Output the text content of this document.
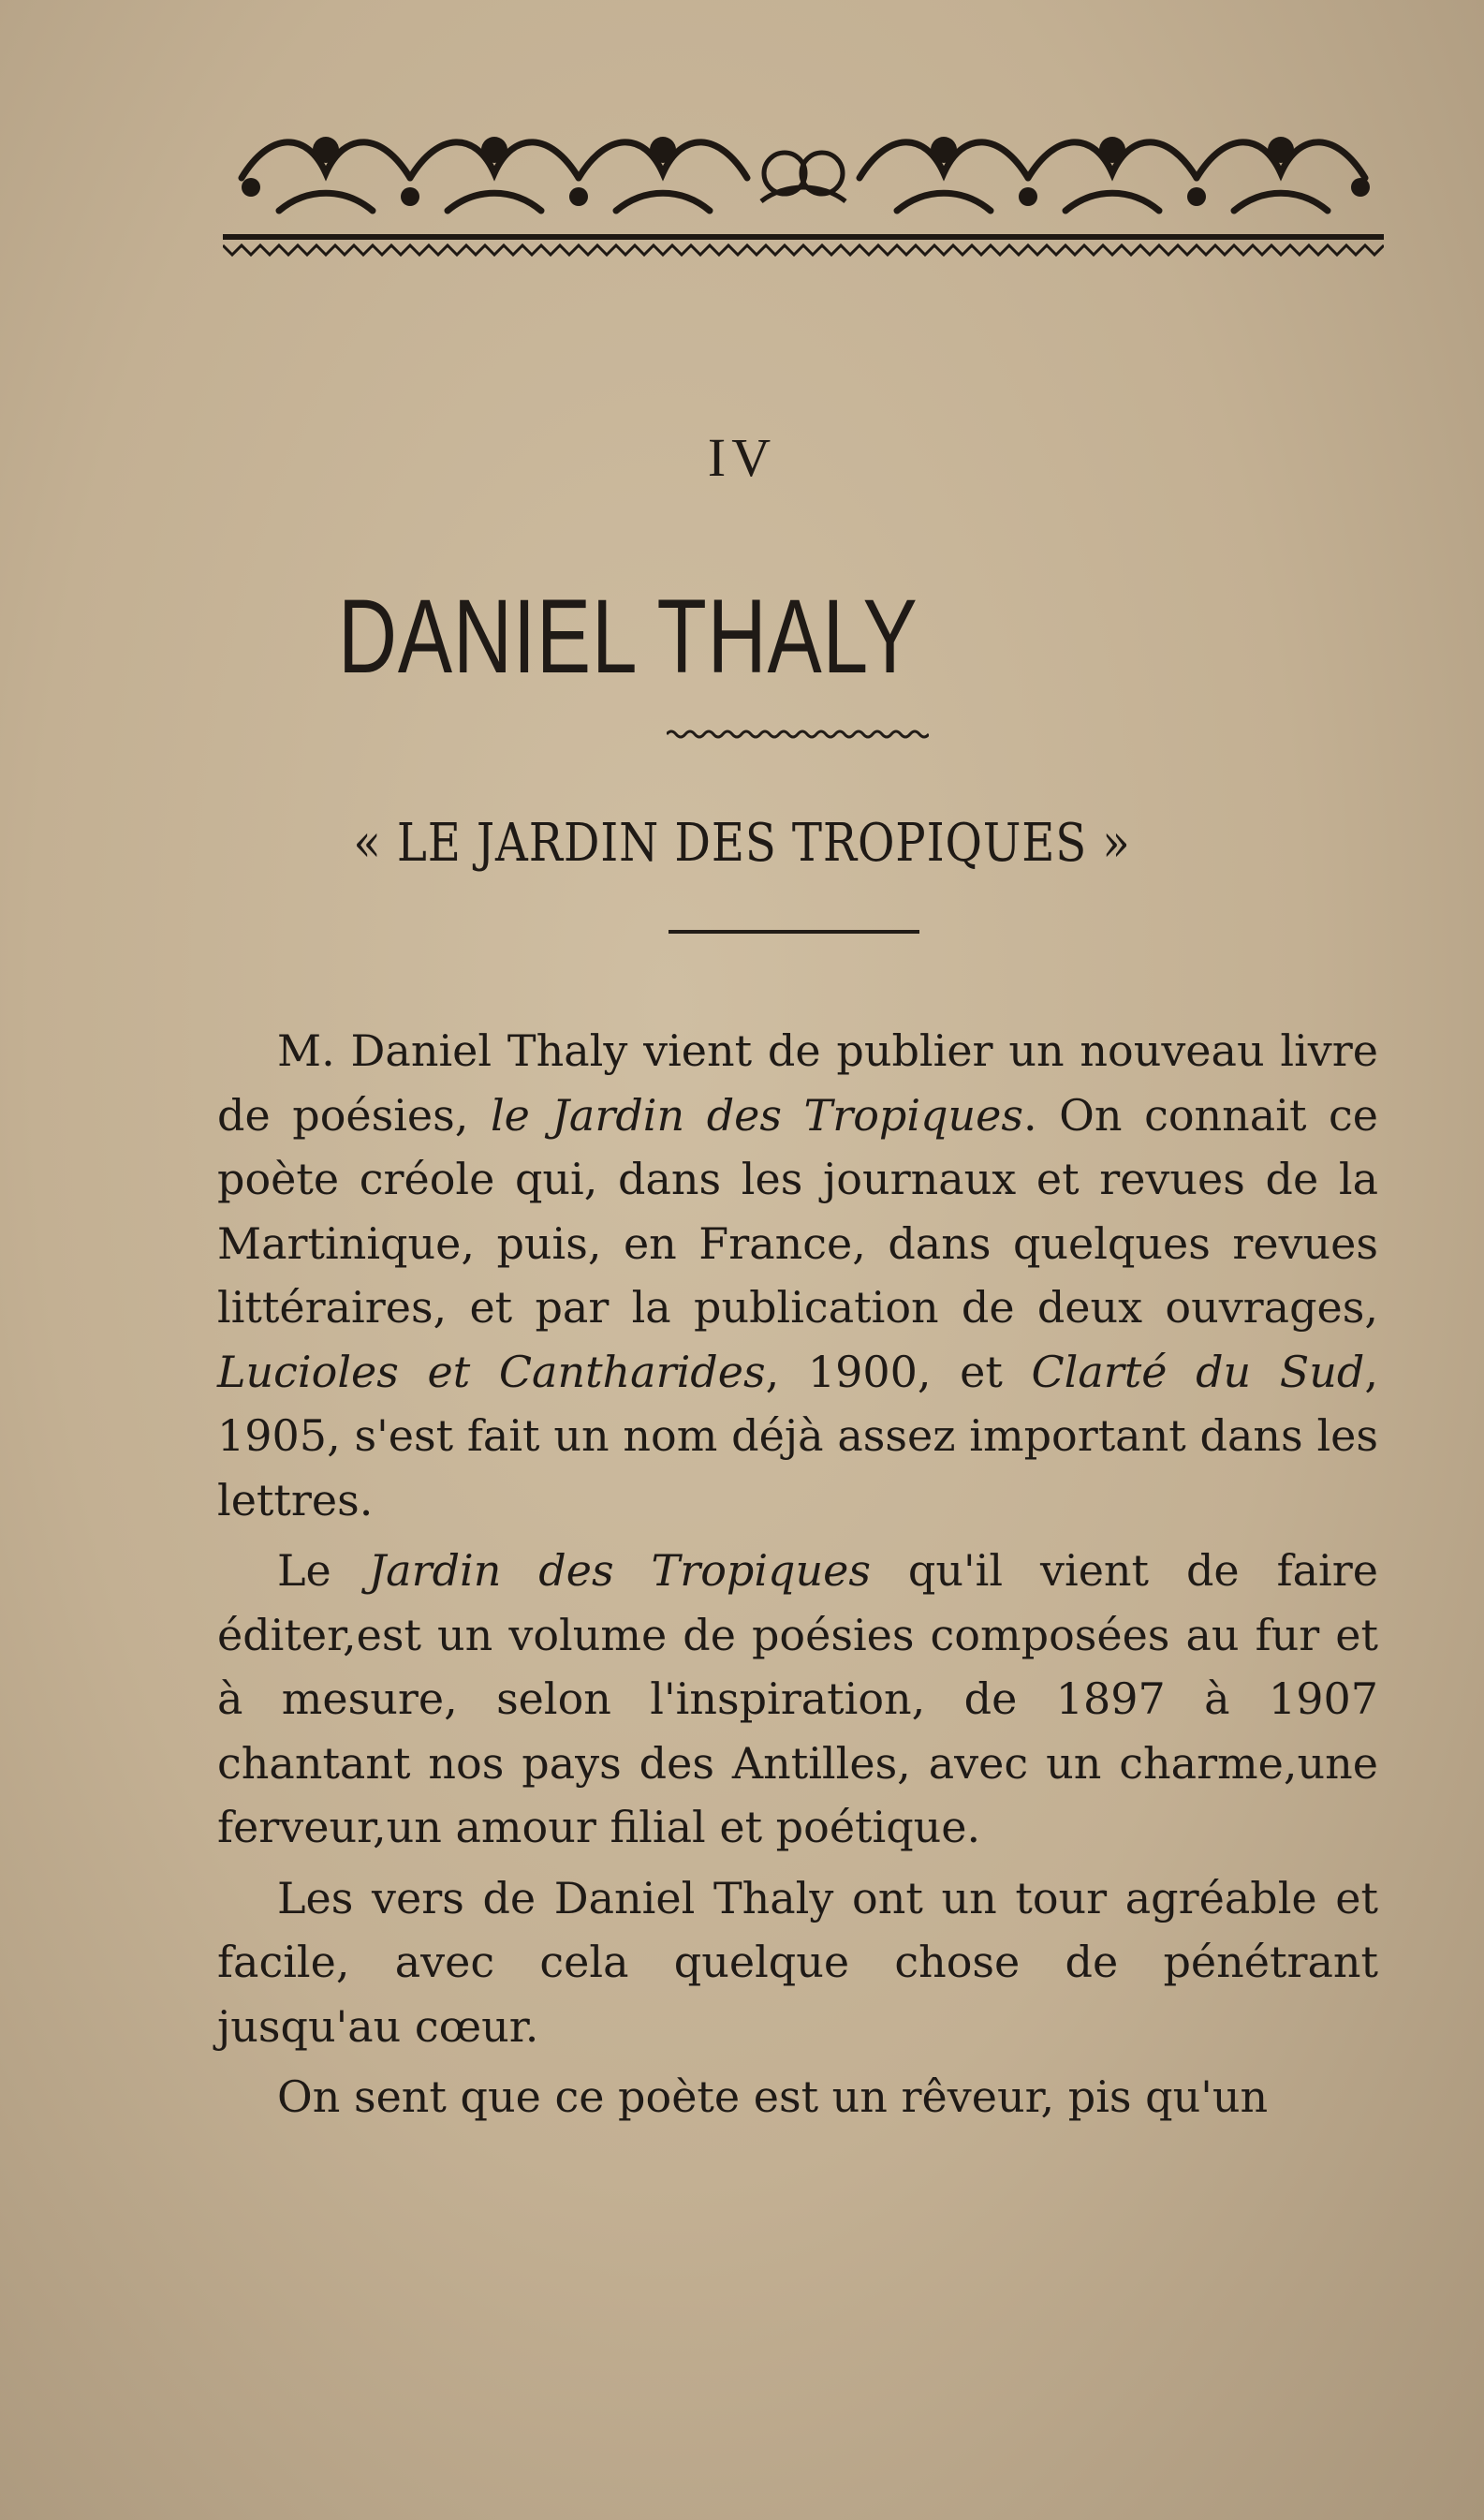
IV
DANIEL THALY
« LE JARDIN DES TROPIQUES »

M. Daniel Thaly vient de publier un nouveau livre de poésies, le Jardin des Tropiques. On connait ce poète créole qui, dans les journaux et revues de la Martinique, puis, en France, dans quelques revues littéraires, et par la publication de deux ouvrages, Lucioles et Cantharides, 1900, et Clarté du Sud, 1905, s'est fait un nom déjà assez important dans les lettres.

Le Jardin des Tropiques qu'il vient de faire éditer,est un volume de poésies composées au fur et à mesure, selon l'inspiration, de 1897 à 1907 chantant nos pays des Antilles, avec un charme,une ferveur,un amour filial et poétique.

Les vers de Daniel Thaly ont un tour agréable et facile, avec cela quelque chose de pénétrant jusqu'au cœur.

On sent que ce poète est un rêveur, pis qu'un
